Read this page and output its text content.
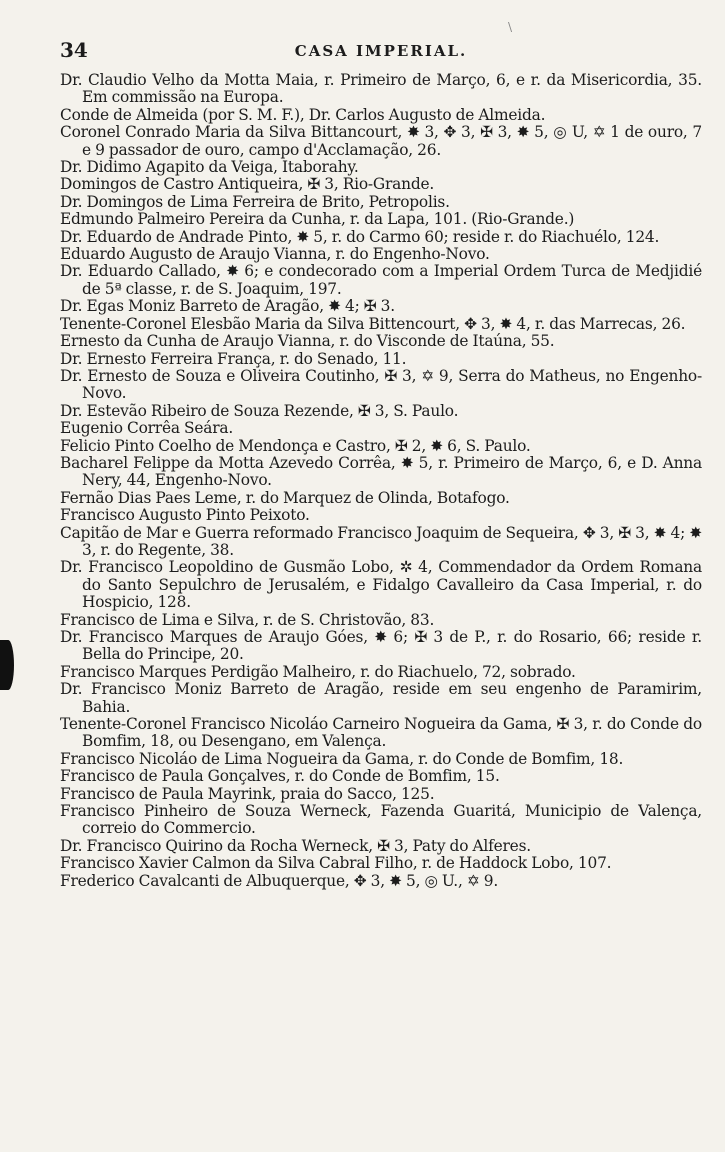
\
34	CASA IMPERIAL.
Dr. Claudio Velho da Motta Maia, r. Primeiro de Março, 6, e r. da Misericordia, 35. Em commissão na Europa.
Conde de Almeida (por S. M. F.), Dr. Carlos Augusto de Almeida.
Coronel Conrado Maria da Silva Bittancourt, ✸ 3, ✥ 3, ✠ 3, ✸ 5, ◎ U, ✡ 1 de ouro, 7 e 9 passador de ouro, campo d'Acclamação, 26.
Dr. Didimo Agapito da Veiga, Itaborahy.
Domingos de Castro Antiqueira, ✠ 3, Rio-Grande.
Dr. Domingos de Lima Ferreira de Brito, Petropolis.
Edmundo Palmeiro Pereira da Cunha, r. da Lapa, 101. (Rio-Grande.)
Dr. Eduardo de Andrade Pinto, ✸ 5, r. do Carmo 60; reside r. do Riachuélo, 124.
Eduardo Augusto de Araujo Vianna, r. do Engenho-Novo.
Dr. Eduardo Callado, ✸ 6; e condecorado com a Imperial Ordem Turca de Medjidié de 5ª classe, r. de S. Joaquim, 197.
Dr. Egas Moniz Barreto de Aragão, ✸ 4; ✠ 3.
Tenente-Coronel Elesbão Maria da Silva Bittencourt, ✥ 3, ✸ 4, r. das Marrecas, 26.
Ernesto da Cunha de Araujo Vianna, r. do Visconde de Itaúna, 55.
Dr. Ernesto Ferreira França, r. do Senado, 11.
Dr. Ernesto de Souza e Oliveira Coutinho, ✠ 3, ✡ 9, Serra do Matheus, no Engenho-Novo.
Dr. Estevão Ribeiro de Souza Rezende, ✠ 3, S. Paulo.
Eugenio Corrêa Seára.
Felicio Pinto Coelho de Mendonça e Castro, ✠ 2, ✸ 6, S. Paulo.
Bacharel Felippe da Motta Azevedo Corrêa, ✸ 5, r. Primeiro de Março, 6, e D. Anna Nery, 44, Engenho-Novo.
Fernão Dias Paes Leme, r. do Marquez de Olinda, Botafogo.
Francisco Augusto Pinto Peixoto.
Capitão de Mar e Guerra reformado Francisco Joaquim de Sequeira, ✥ 3, ✠ 3, ✸ 4; ✸ 3, r. do Regente, 38.
Dr. Francisco Leopoldino de Gusmão Lobo, ✲ 4, Commendador da Ordem Romana do Santo Sepulchro de Jerusalém, e Fidalgo Cavalleiro da Casa Imperial, r. do Hospicio, 128.
Francisco de Lima e Silva, r. de S. Christovão, 83.
Dr. Francisco Marques de Araujo Góes, ✸ 6; ✠ 3 de P., r. do Rosario, 66; reside r. Bella do Principe, 20.
Francisco Marques Perdigão Malheiro, r. do Riachuelo, 72, sobrado.
Dr. Francisco Moniz Barreto de Aragão, reside em seu engenho de Paramirim, Bahia.
Tenente-Coronel Francisco Nicoláo Carneiro Nogueira da Gama, ✠ 3, r. do Conde do Bomfim, 18, ou Desengano, em Valença.
Francisco Nicoláo de Lima Nogueira da Gama, r. do Conde de Bomfim, 18.
Francisco de Paula Gonçalves, r. do Conde de Bomfim, 15.
Francisco de Paula Mayrink, praia do Sacco, 125.
Francisco Pinheiro de Souza Werneck, Fazenda Guaritá, Municipio de Valença, correio do Commercio.
Dr. Francisco Quirino da Rocha Werneck, ✠ 3, Paty do Alferes.
Francisco Xavier Calmon da Silva Cabral Filho, r. de Haddock Lobo, 107.
Frederico Cavalcanti de Albuquerque, ✥ 3, ✸ 5, ◎ U., ✡ 9.
